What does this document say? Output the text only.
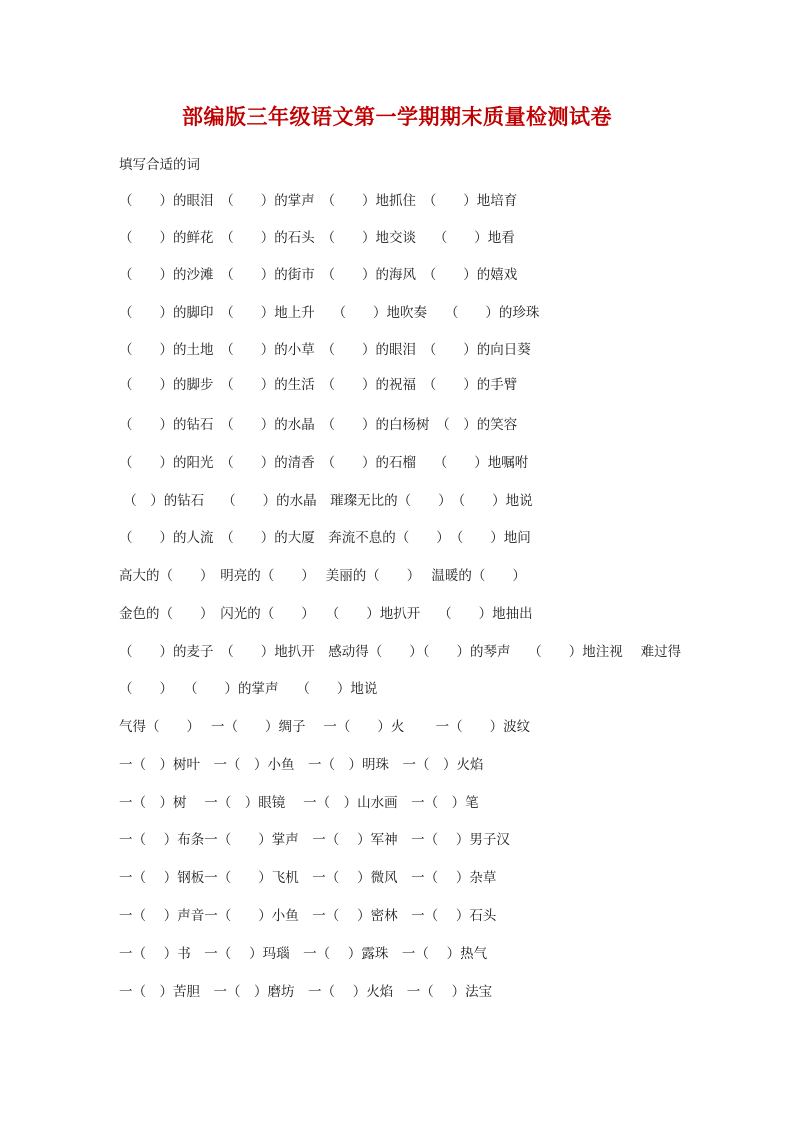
部编版三年级语文第一学期期末质量检测试卷
填写合适的词
（　　）的眼泪　（　　）的掌声　（　　）地抓住　（　　）地培育
（　　）的鲜花　（　　）的石头　（　　）地交谈　 （　　）地看
（　　）的沙滩　（　　）的街市　（　　）的海风　（　　）的嬉戏
（　　）的脚印　（　　）地上升　 （　　）地吹奏　 （　　）的珍珠
（　　）的土地　（　　）的小草　（　　）的眼泪　（　　）的向日葵
（　　）的脚步　（　　）的生活　（　　）的祝福　（　　）的手臂
（　　）的钻石　（　　）的水晶　（　　）的白杨树　（　）的笑容
（　　）的阳光　（　　）的清香　（　　）的石榴　 （　　）地嘱咐
（　）的钻石　 （　　）的水晶　璀璨无比的（　　）　（　　）地说
（　　）的人流　（　　）的大厦　奔流不息的（　　）　（　　）地问
高大的（　　）　明亮的（　　）　 美丽的（　　）　 温暖的（　　）
金色的（　　）　闪光的（　　）　 （　　）地扒开　 （　　）地抽出
（　　）的麦子　（　　）地扒开　感动得（　　）（　　）的琴声　 （　　）地注视　 难过得
（　　）　 （　　）的掌声　 （　　）地说
气得（　　）　 一（　　）绸子　 一（　　）火　　 一（　　）波纹
一（　）树叶　一（　）小鱼　一（　）明珠　一（　）火焰
一（　）树　 一（　）眼镜　 一（　）山水画　一（　）笔
一（　 ）布条一（　　）掌声　一（　 ）军神　一（　 ）男子汉
一（　 ）钢板一（　　）飞机　一（　 ）微风　一（　 ）杂草
一（　 ）声音一（　　）小鱼　一（　 ）密林　一（　 ）石头
一（　 ）书　一（　 ）玛瑙　一（　 ）露珠　一（　 ）热气
一（　）苦胆　一（　）磨坊　一（　 ）火焰　一（　 ）法宝
